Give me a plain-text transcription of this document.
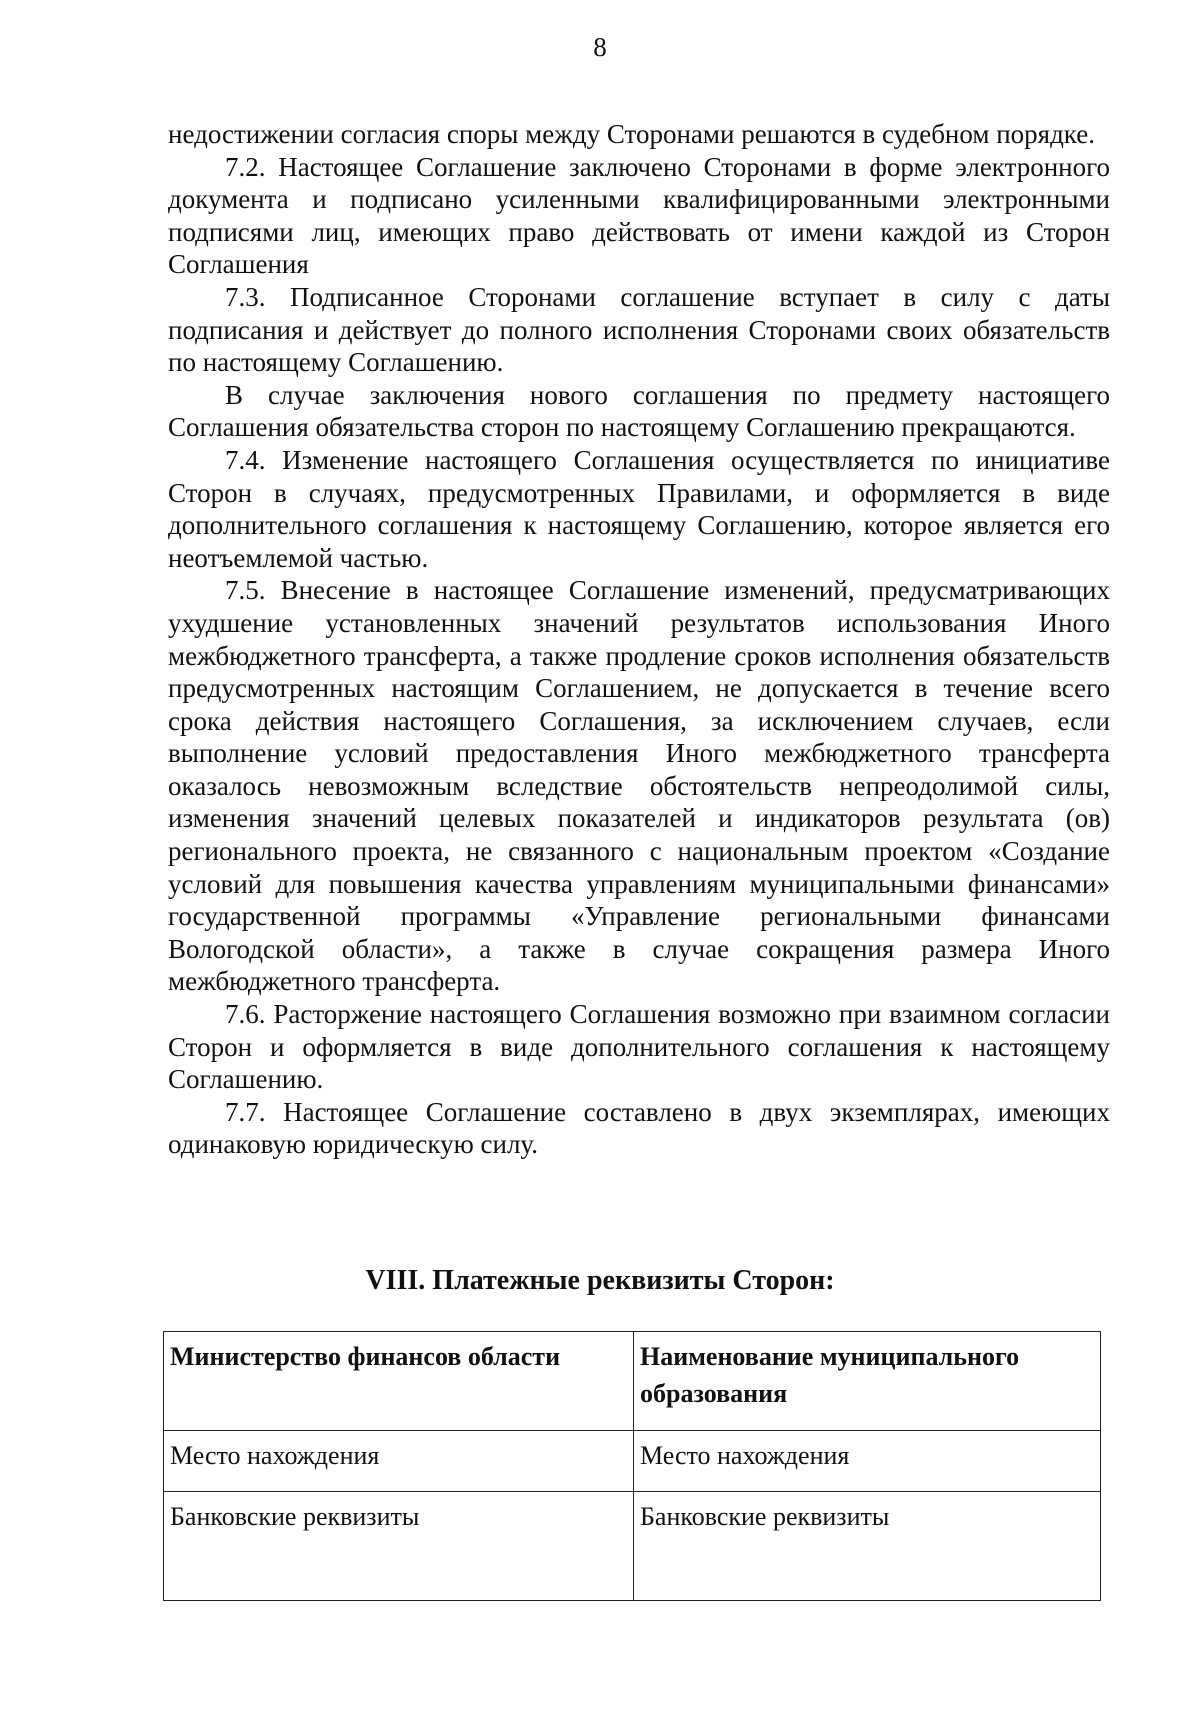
8

недостижении согласия споры между Сторонами решаются в судебном порядке.

7.2. Настоящее Соглашение заключено Сторонами в форме электронного документа и подписано усиленными квалифицированными электронными подписями лиц, имеющих право действовать от имени каждой из Сторон Соглашения

7.3. Подписанное Сторонами соглашение вступает в силу с даты подписания и действует до полного исполнения Сторонами своих обязательств по настоящему Соглашению.

В случае заключения нового соглашения по предмету настоящего Соглашения обязательства сторон по настоящему Соглашению прекращаются.

7.4. Изменение настоящего Соглашения осуществляется по инициативе Сторон в случаях, предусмотренных Правилами, и оформляется в виде дополнительного соглашения к настоящему Соглашению, которое является его неотъемлемой частью.

7.5. Внесение в настоящее Соглашение изменений, предусматривающих ухудшение установленных значений результатов использования Иного межбюджетного трансферта, а также продление сроков исполнения обязательств предусмотренных настоящим Соглашением, не допускается в течение всего срока действия настоящего Соглашения, за исключением случаев, если выполнение условий предоставления Иного межбюджетного трансферта оказалось невозможным вследствие обстоятельств непреодолимой силы, изменения значений целевых показателей и индикаторов результата (ов) регионального проекта, не связанного с национальным проектом «Создание условий для повышения качества управлениям муниципальными финансами» государственной программы «Управление региональными финансами Вологодской области», а также в случае сокращения размера Иного межбюджетного трансферта.

7.6. Расторжение настоящего Соглашения возможно при взаимном согласии Сторон и оформляется в виде дополнительного соглашения к настоящему Соглашению.

7.7. Настоящее Соглашение составлено в двух экземплярах, имеющих одинаковую юридическую силу.

VIII. Платежные реквизиты Сторон:
Министерство финансов области	Наименование муниципального образования
Место нахождения	Место нахождения
Банковские реквизиты	Банковские реквизиты
